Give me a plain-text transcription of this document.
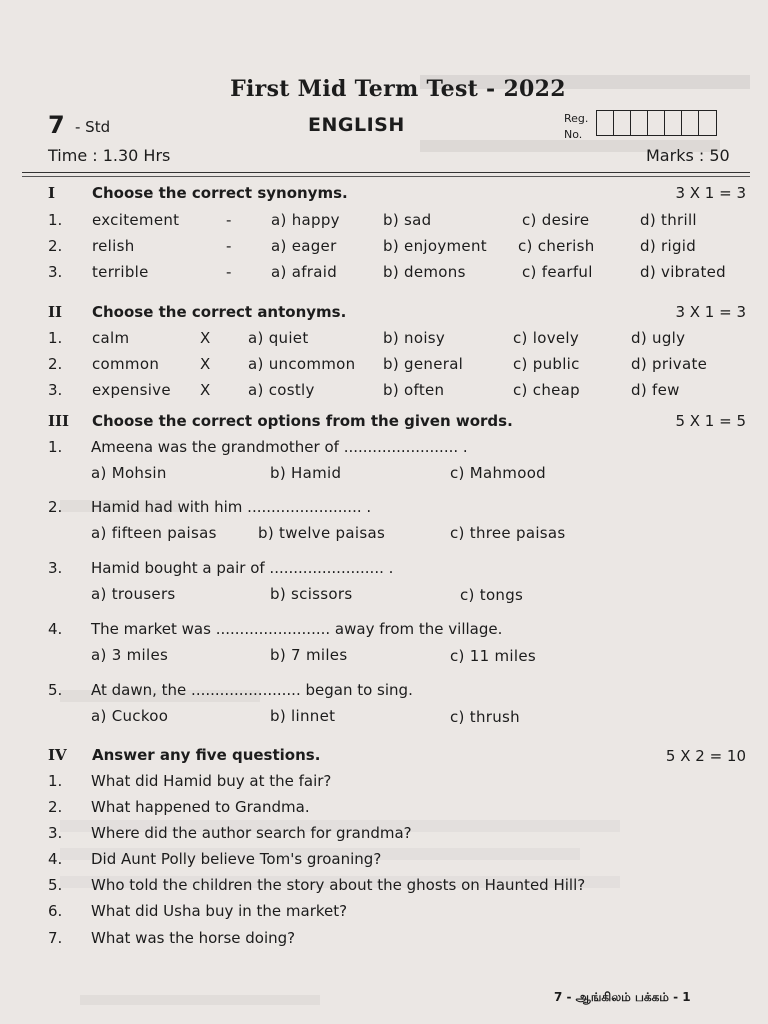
First Mid Term Test - 2022
7 - Std	ENGLISH	Reg. No.
Time : 1.30 Hrs	Marks : 50
I Choose the correct synonyms.	3 X 1 = 3
1. excitement	-	a) happy	b) sad	c) desire	d) thrill
2. relish	-	a) eager	b) enjoyment c) cherish	d) rigid
3. terrible	-	a) afraid	b) demons	c) fearful	d) vibrated
II Choose the correct antonyms.	3 X 1 = 3
1. calm	X	a) quiet	b) noisy	c) lovely	d) ugly
2. common	X	a) uncommon b) general	c) public	d) private
3. expensive X	a) costly	b) often	c) cheap	d) few
III Choose the correct options from the given words.	5 X 1 = 5
1. Ameena was the grandmother of ........................ .
a) Mohsin	b) Hamid	c) Mahmood
2. Hamid had with him ........................ .
a) fifteen paisas	b) twelve paisas	c) three paisas
3. Hamid bought a pair of ........................ .
a) trousers	b) scissors	c) tongs
4. The market was ........................ away from the village.
a) 3 miles	b) 7 miles	c) 11 miles
5. At dawn, the ....................... began to sing.
a) Cuckoo	b) linnet	c) thrush
IV Answer any five questions.	5 X 2 = 10
1. What did Hamid buy at the fair?
2. What happened to Grandma.
3. Where did the author search for grandma?
4. Did Aunt Polly believe Tom's groaning?
5. Who told the children the story about the ghosts on Haunted Hill?
6. What did Usha buy in the market?
7. What was the horse doing?
7 - ஆங்கிலம் பக்கம் - 1
